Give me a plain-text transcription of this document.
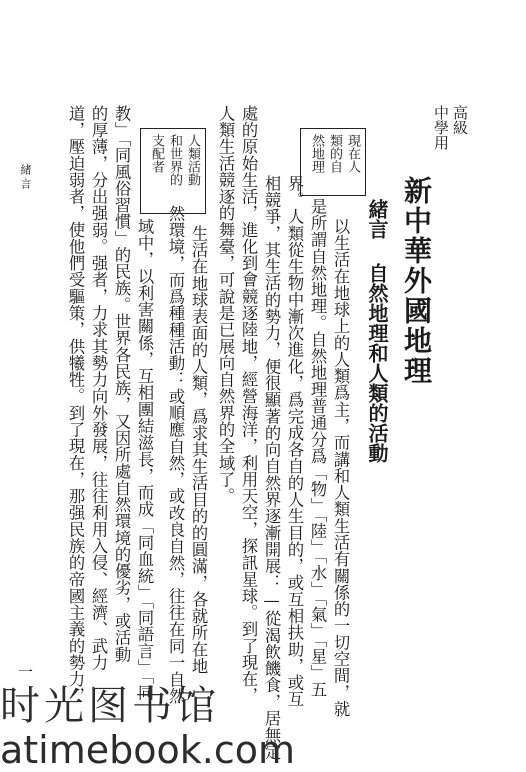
高級
中學用
新中華外國地理
緒言 自然地理和人類的活動
現在人
類的自
然地理
人類活動
和世界的
支配者
以生活在地球上的人類爲主，而講和人類生活有關係的一切空間，就
是所謂自然地理。自然地理普通分爲「物」「陸」「水」「氣」「星」五
界。人類從生物中漸次進化，爲完成各自的人生目的，或互相扶助，或互
相競爭，其生活的勢力，便很顯著的向自然界逐漸開展：—從渴飲饑食，居無定
處的原始生活，進化到會競逐陸地，經營海洋，利用天空，探訊星球。到了現在，
人類生活競逐的舞臺，可說是已展向自然界的全域了。
生活在地球表面的人類，爲求其生活目的的圓滿，各就所在地
然環境，而爲種種活動：或順應自然，或改良自然，往往在同一自然
域中，以利害關係，互相團結滋長，而成「同血統」「同語言」「同
教」「同風俗習慣」的民族。世界各民族，又因所處自然環境的優劣，或活動
的厚薄，分出强弱。强者，力求其勢力向外發展，往往利用入侵、經濟、武力
道，壓迫弱者，使他們受驅策，供犧牲。到了現在，那强民族的帝國主義的勢力，
緒言
一
时光图书馆
atimebook.com
